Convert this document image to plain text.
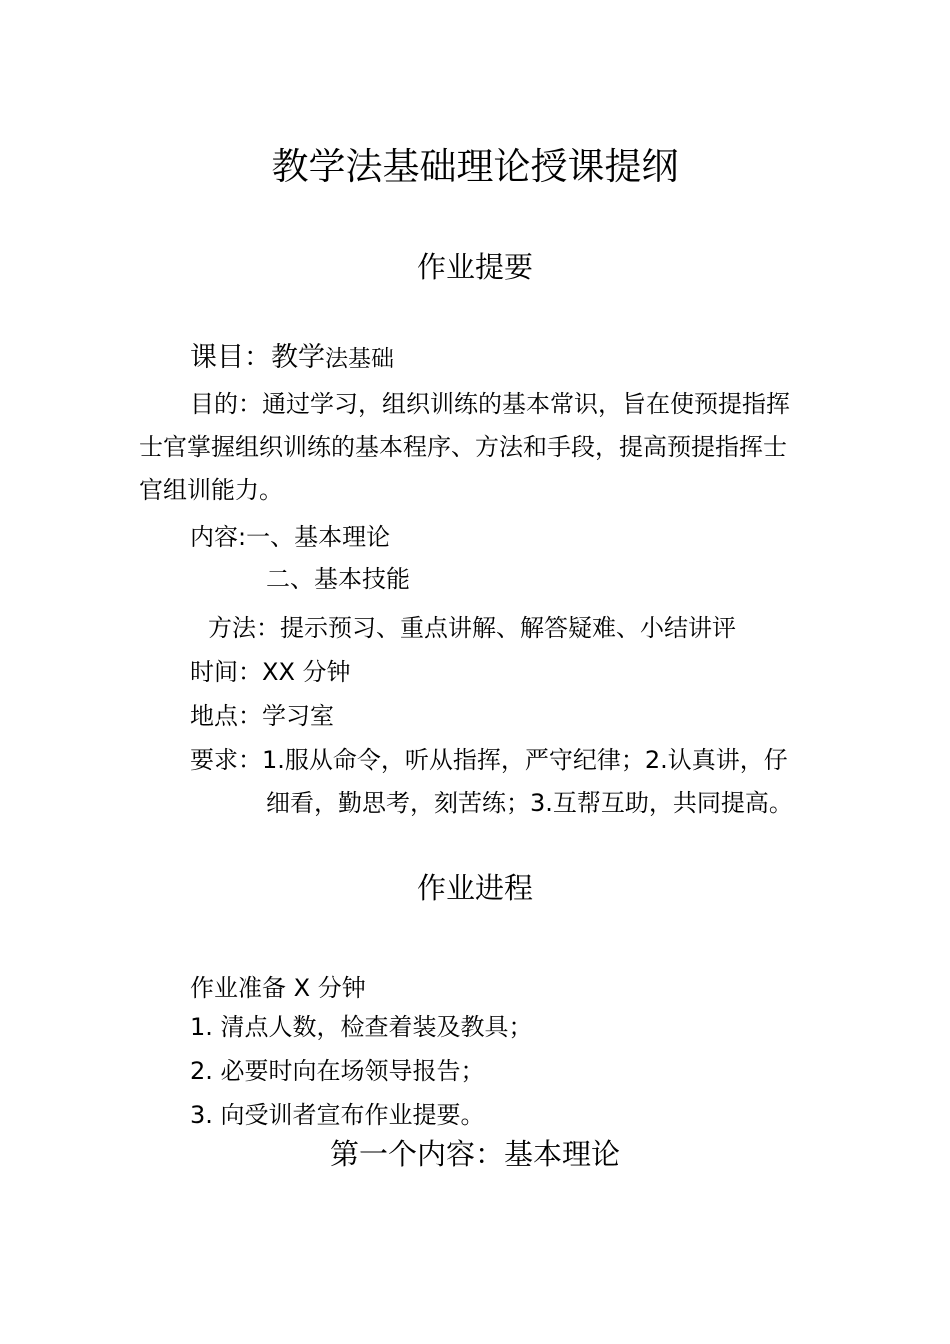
教学法基础理论授课提纲
作业提要
课目：教学法基础
目的：通过学习，组织训练的基本常识，旨在使预提指挥
士官掌握组织训练的基本程序、方法和手段，提高预提指挥士
官组训能力。
内容:一、基本理论
二、基本技能
方法：提示预习、重点讲解、解答疑难、小结讲评
时间：XX 分钟
地点：学习室
要求：1.服从命令，听从指挥，严守纪律；2.认真讲，仔
细看，勤思考，刻苦练；3.互帮互助，共同提高。
作业进程
作业准备 X 分钟
1. 清点人数，检查着装及教具；
2. 必要时向在场领导报告；
3. 向受训者宣布作业提要。
第一个内容：基本理论
